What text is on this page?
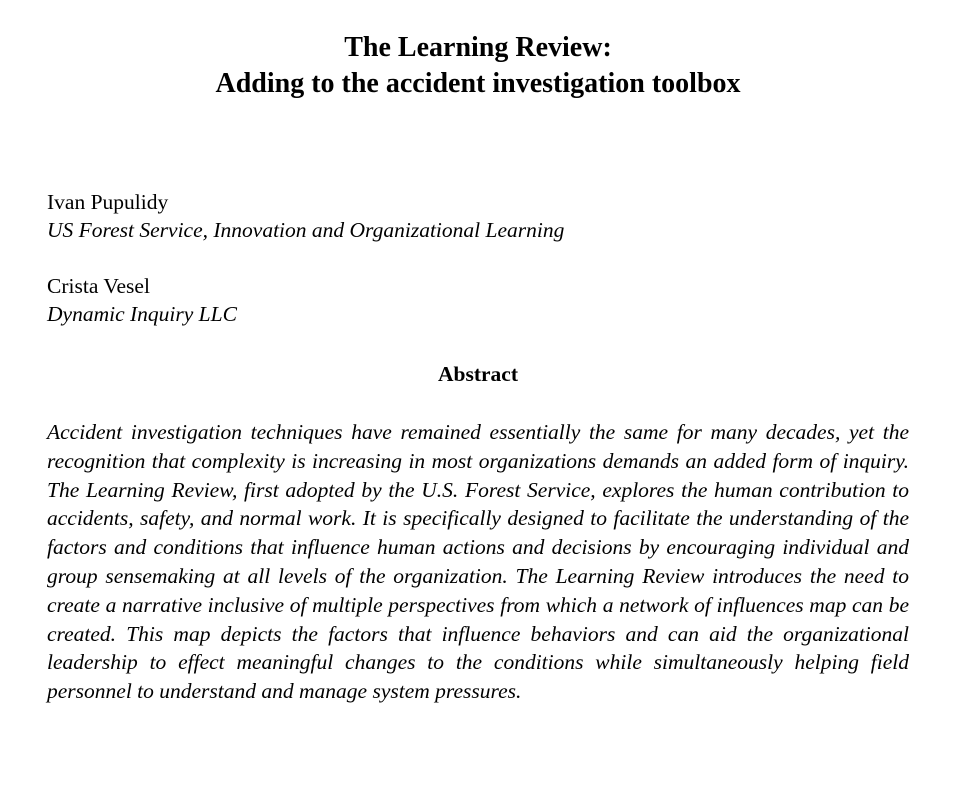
The Learning Review:
Adding to the accident investigation toolbox
Ivan Pupulidy
US Forest Service, Innovation and Organizational Learning
Crista Vesel
Dynamic Inquiry LLC
Abstract

Accident investigation techniques have remained essentially the same for many decades, yet the recognition that complexity is increasing in most organizations demands an added form of inquiry. The Learning Review, first adopted by the U.S. Forest Service, explores the human contribution to accidents, safety, and normal work. It is specifically designed to facilitate the understanding of the factors and conditions that influence human actions and decisions by encouraging individual and group sensemaking at all levels of the organization. The Learning Review introduces the need to create a narrative inclusive of multiple perspectives from which a network of influences map can be created. This map depicts the factors that influence behaviors and can aid the organizational leadership to effect meaningful changes to the conditions while simultaneously helping field personnel to understand and manage system pressures.
